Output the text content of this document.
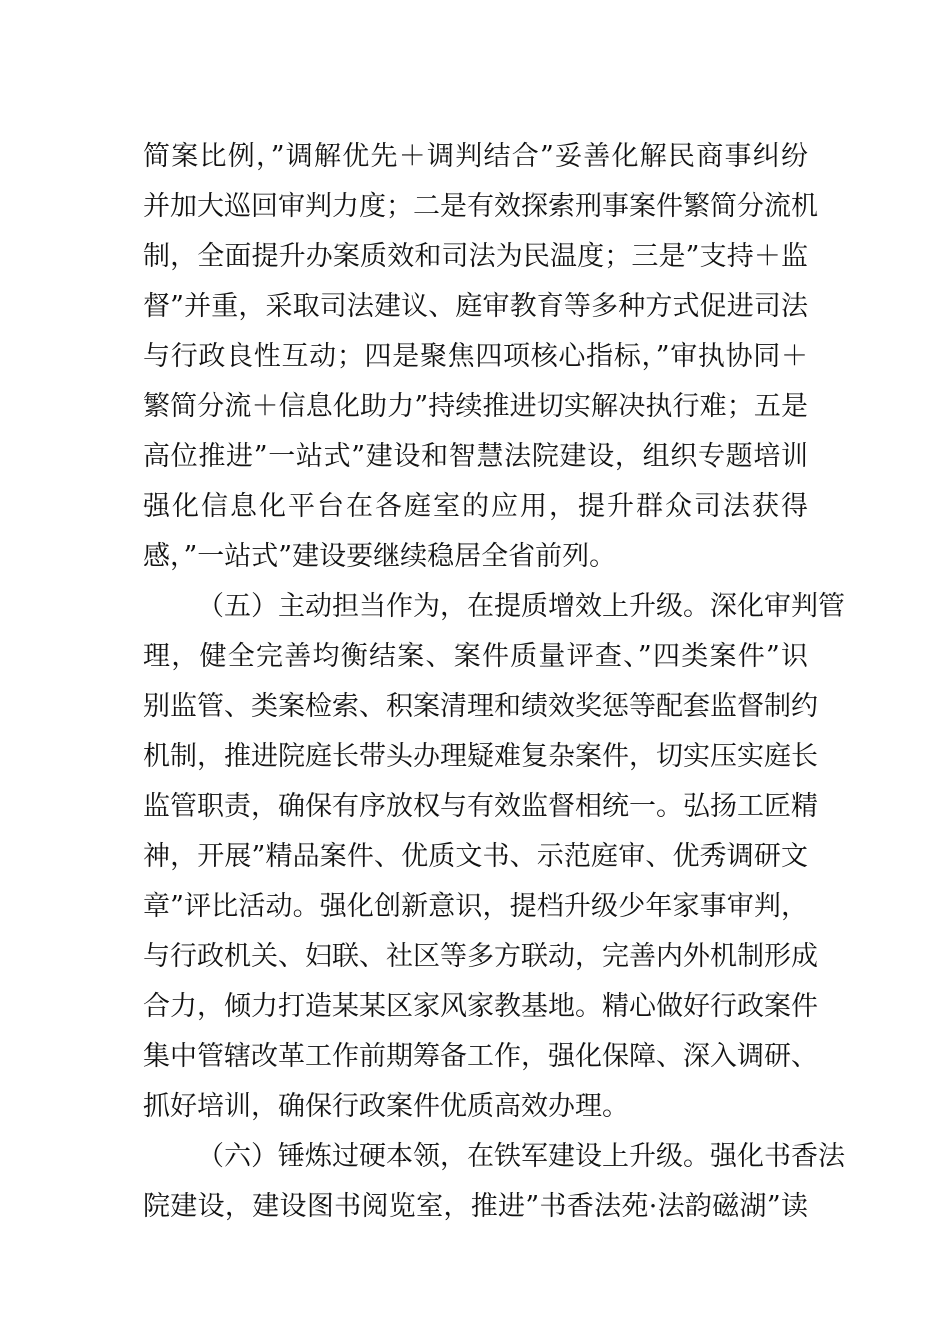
简案比例，”调解优先＋调判结合”妥善化解民商事纠纷
并加大巡回审判力度；二是有效探索刑事案件繁简分流机
制，全面提升办案质效和司法为民温度；三是”支持＋监
督”并重，采取司法建议、庭审教育等多种方式促进司法
与行政良性互动；四是聚焦四项核心指标，”审执协同＋
繁简分流＋信息化助力”持续推进切实解决执行难；五是
高位推进”一站式”建设和智慧法院建设，组织专题培训
强化信息化平台在各庭室的应用，提升群众司法获得
感，”一站式”建设要继续稳居全省前列。
（五）主动担当作为，在提质增效上升级。深化审判管
理，健全完善均衡结案、案件质量评查、”四类案件”识
别监管、类案检索、积案清理和绩效奖惩等配套监督制约
机制，推进院庭长带头办理疑难复杂案件，切实压实庭长
监管职责，确保有序放权与有效监督相统一。弘扬工匠精
神，开展”精品案件、优质文书、示范庭审、优秀调研文
章”评比活动。强化创新意识，提档升级少年家事审判，
与行政机关、妇联、社区等多方联动，完善内外机制形成
合力，倾力打造某某区家风家教基地。精心做好行政案件
集中管辖改革工作前期筹备工作，强化保障、深入调研、
抓好培训，确保行政案件优质高效办理。
（六）锤炼过硬本领，在铁军建设上升级。强化书香法
院建设，建设图书阅览室，推进”书香法苑·法韵磁湖”读
